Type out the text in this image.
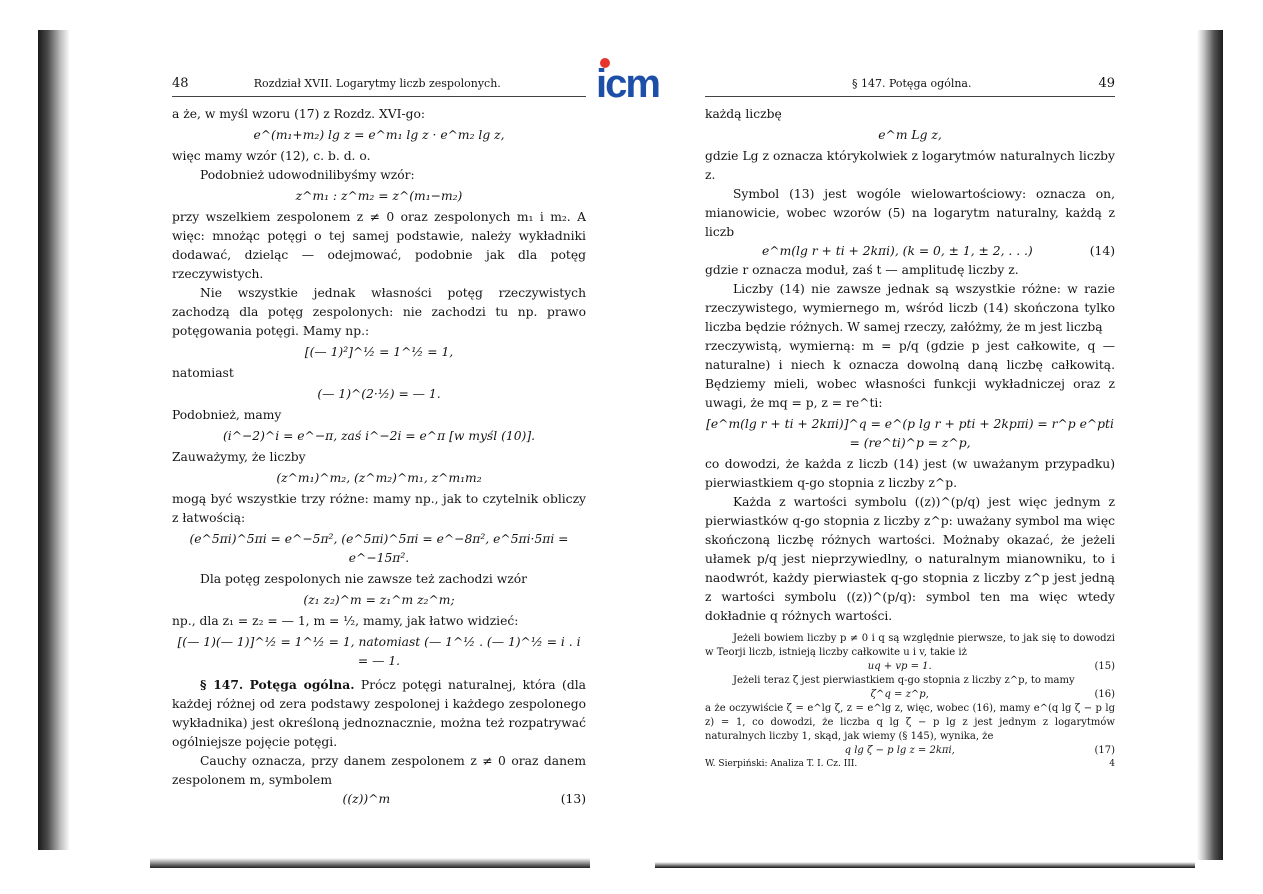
icm
48	Rozdział XVII. Logarytmy liczb zespolonych.

a że, w myśl wzoru (17) z Rozdz. XVI-go:

e^(m₁+m₂) lg z = e^m₁ lg z · e^m₂ lg z,

więc mamy wzór (12), c. b. d. o.

Podobnież udowodnilibyśmy wzór:

z^m₁ : z^m₂ = z^(m₁−m₂)

przy wszelkiem zespolonem z ≠ 0 oraz zespolonych m₁ i m₂. A więc: mnożąc potęgi o tej samej podstawie, należy wykładniki dodawać, dzieląc — odejmować, podobnie jak dla potęg rzeczywistych.

Nie wszystkie jednak własności potęg rzeczywistych zachodzą dla potęg zespolonych: nie zachodzi tu np. prawo potęgowania potęgi. Mamy np.:

[(— 1)²]^½ = 1^½ = 1,

natomiast

(— 1)^(2·½) = — 1.

Podobnież, mamy

(i^−2)^i = e^−π, zaś i^−2i = e^π [w myśl (10)].

Zauważymy, że liczby

(z^m₁)^m₂, (z^m₂)^m₁, z^m₁m₂

mogą być wszystkie trzy różne: mamy np., jak to czytelnik obliczy z łatwością:

(e^5πi)^5πi = e^−5π², (e^5πi)^5πi = e^−8π², e^5πi·5πi = e^−15π².

Dla potęg zespolonych nie zawsze też zachodzi wzór

(z₁ z₂)^m = z₁^m z₂^m;

np., dla z₁ = z₂ = — 1, m = ½, mamy, jak łatwo widzieć:

[(— 1)(— 1)]^½ = 1^½ = 1, natomiast (— 1^½ . (— 1)^½ = i . i = — 1.

§ 147. Potęga ogólna. Prócz potęgi naturalnej, która (dla każdej różnej od zera podstawy zespolonej i każdego zespolonego wykładnika) jest określoną jednoznacznie, można też rozpatrywać ogólniejsze pojęcie potęgi.

Cauchy oznacza, przy danem zespolonem z ≠ 0 oraz danem zespolonem m, symbolem

((z))^m	(13)
§ 147. Potęga ogólna.	49

każdą liczbę

e^m Lg z,

gdzie Lg z oznacza którykolwiek z logarytmów naturalnych liczby z.

Symbol (13) jest wogóle wielowartościowy: oznacza on, mianowicie, wobec wzorów (5) na logarytm naturalny, każdą z liczb

e^m(lg r + ti + 2kπi), (k = 0, ± 1, ± 2, . . .)	(14)

gdzie r oznacza moduł, zaś t — amplitudę liczby z.

Liczby (14) nie zawsze jednak są wszystkie różne: w razie rzeczywistego, wymiernego m, wśród liczb (14) skończona tylko liczba będzie różnych. W samej rzeczy, załóżmy, że m jest liczbą

rzeczywistą, wymierną: m = p/q (gdzie p jest całkowite, q — naturalne) i niech k oznacza dowolną daną liczbę całkowitą. Będziemy mieli, wobec własności funkcji wykładniczej oraz z uwagi, że mq = p, z = re^ti:

[e^m(lg r + ti + 2kπi)]^q = e^(p lg r + pti + 2kpπi) = r^p e^pti = (re^ti)^p = z^p,

co dowodzi, że każda z liczb (14) jest (w uważanym przypadku) pierwiastkiem q-go stopnia z liczby z^p.

Każda z wartości symbolu ((z))^(p/q) jest więc jednym z pierwiastków q-go stopnia z liczby z^p: uważany symbol ma więc skończoną liczbę różnych wartości. Możnaby okazać, że jeżeli ułamek p/q jest nieprzywiedlny, o naturalnym mianowniku, to i naodwrót, każdy pierwiastek q-go stopnia z liczby z^p jest jedną z wartości symbolu ((z))^(p/q): symbol ten ma więc wtedy dokładnie q różnych wartości.

Jeżeli bowiem liczby p ≠ 0 i q są względnie pierwsze, to jak się to dowodzi w Teorji liczb, istnieją liczby całkowite u i v, takie iż

uq + vp = 1.	(15)

Jeżeli teraz ζ jest pierwiastkiem q-go stopnia z liczby z^p, to mamy

ζ^q = z^p,	(16)

a że oczywiście ζ = e^lg ζ, z = e^lg z, więc, wobec (16), mamy e^(q lg ζ − p lg z) = 1, co dowodzi, że liczba q lg ζ − p lg z jest jednym z logarytmów naturalnych liczby 1, skąd, jak wiemy (§ 145), wynika, że

q lg ζ − p lg z = 2kπi,	(17)
W. Sierpiński: Analiza T. I. Cz. III.	4
